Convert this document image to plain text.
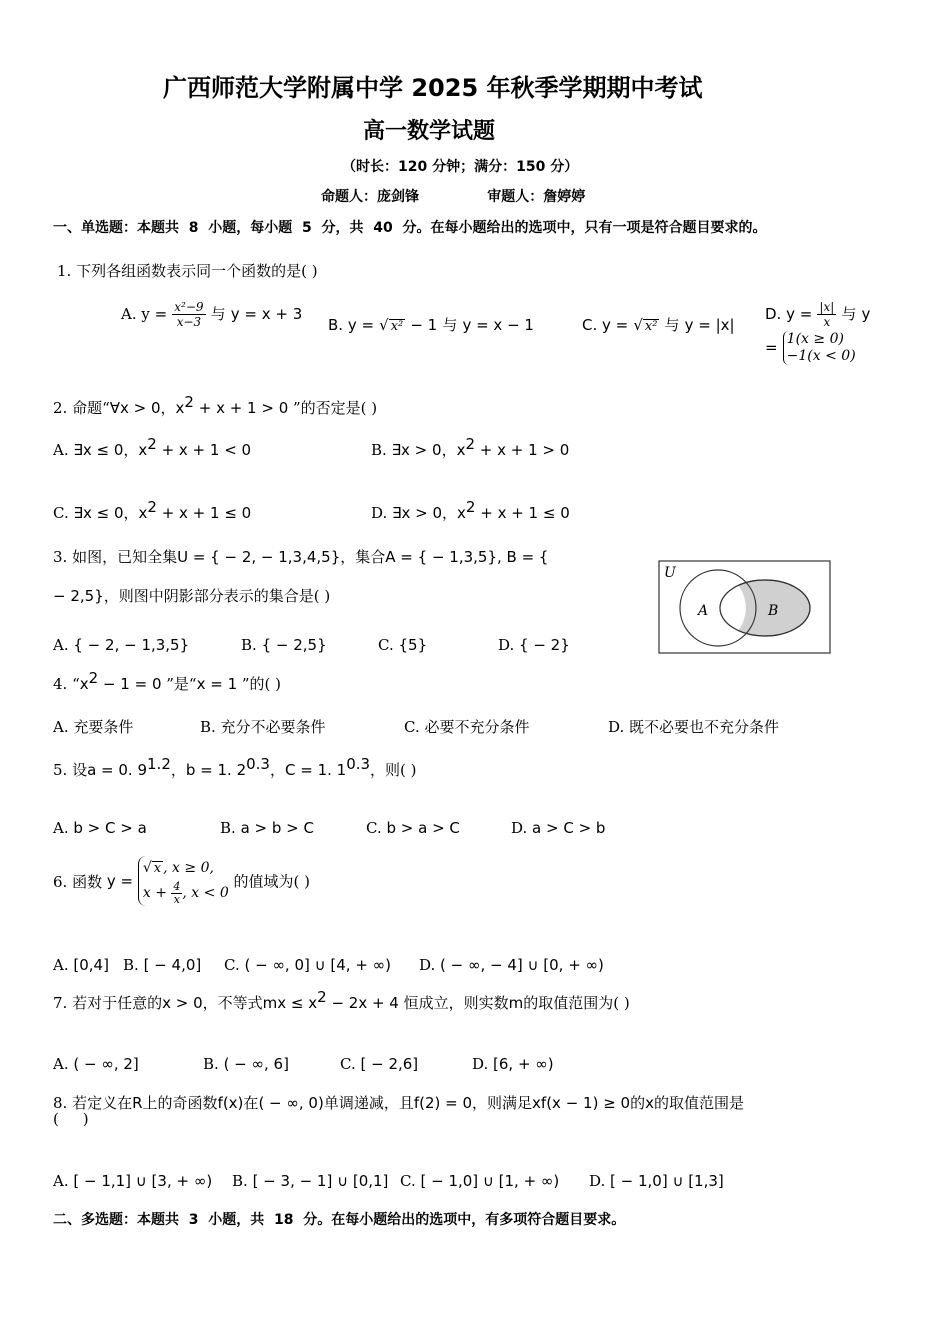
广西师范大学附属中学 2025 年秋季学期期中考试
高一数学试题
（时长：120 分钟；满分：150 分）
命题人：庞剑锋              审题人：詹婷婷
一、单选题：本题共  8  小题，每小题  5  分，共  40  分。在每小题给出的选项中，只有一项是符合题目要求的。
1. 下列各组函数表示同一个函数的是( )
A. $y = \frac{\text{x²−9}}{x-3}$ 与 y = x + 3
B. y = √ x² − 1 与 y = x − 1	C. y = √ x² 与 y = |x|
D. $y = \frac{|x|}{x}$ 与 y
= 1(x ≥ 0)
−1(x < 0)
2. 命题“∀x > 0，$x^2 + x + 1 > 0$ ”的否定是( )
A. ∃x ≤ 0，$x^2 + x + 1 < 0$	B. ∃x > 0，$x^2 + x + 1 > 0$
C. ∃x ≤ 0，$x^2 + x + 1 \le 0$	D. ∃x > 0，$x^2 + x + 1 \le 0$
3. 如图，已知全集U = { − 2, − 1,3,4,5}，集合A = { − 1,3,5}, B = {
− 2,5}，则图中阴影部分表示的集合是( )
U
A	B
A. { − 2, − 1,3,5}	B. { − 2,5}	C. {5}	D. { − 2}
4. “$x^2 - 1 = 0$ ”是“x = 1 ”的( )
A. 充要条件	B. 充分不必要条件	C. 必要不充分条件	D. 既不必要也不充分条件
5. 设a = 0. $9^{1.2}$，b = 1. $2^{0.3}$，C = 1. $1^{0.3}$，则( )
A. b > C > a	B. a > b > C	C. b > a > C	D. a > C > b
6. 函数 y =
√ x , x ≥ 0,
$x + \frac{4}{x}$ , x < 0
的值域为( )
A. [0,4] B. [ − 4,0] C. ( − ∞, 0] ∪ [4, + ∞) D. ( − ∞, − 4] ∪ [0, + ∞)
7. 若对于任意的x > 0，不等式mx ≤ $x^2 - 2x + 4$ 恒成立，则实数m的取值范围为( )
A. ( − ∞, 2]	B. ( − ∞, 6]	C. [ − 2,6]	D. [6, + ∞)
8. 若定义在R上的奇函数f(x)在( − ∞, 0)单调递减，且f(2) = 0，则满足xf(x − 1) ≥ 0的x的取值范围是
(     )
A. [ − 1,1] ∪ [3, + ∞) B. [ − 3, − 1] ∪ [0,1] C. [ − 1,0] ∪ [1, + ∞) D. [ − 1,0] ∪ [1,3]
二、多选题：本题共  3  小题，共  18  分。在每小题给出的选项中，有多项符合题目要求。
